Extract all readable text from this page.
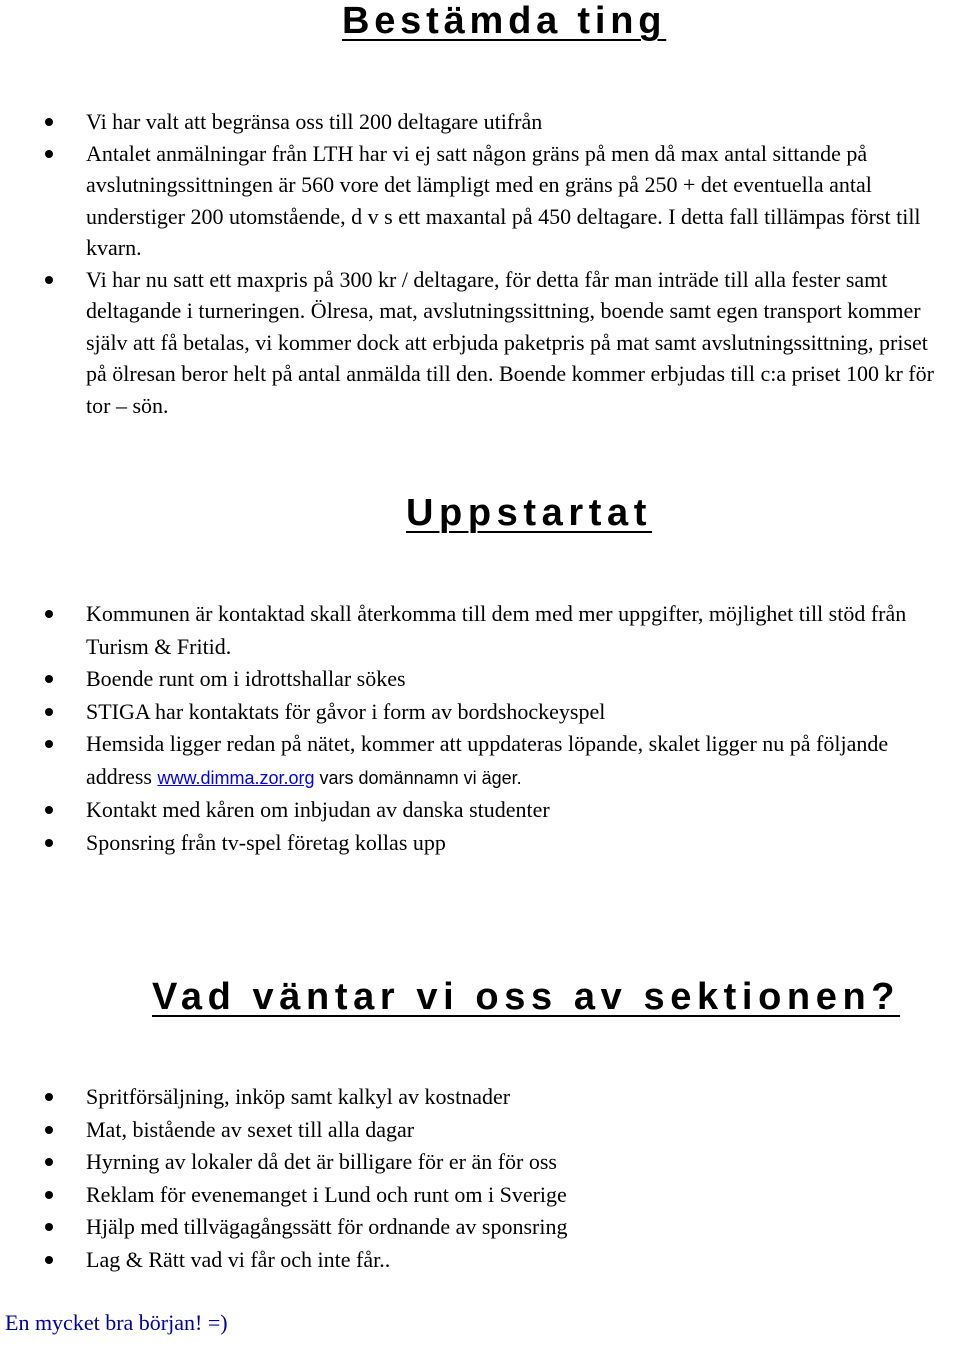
Bestämda ting
Vi har valt att begränsa oss till 200 deltagare utifrån
Antalet anmälningar från LTH har vi ej satt någon gräns på men då max antal sittande på avslutningssittningen är 560 vore det lämpligt med en gräns på 250 + det eventuella antal understiger 200 utomstående, d v s ett maxantal på 450 deltagare. I detta fall tillämpas först till kvarn.
Vi har nu satt ett maxpris på 300 kr / deltagare, för detta får man inträde till alla fester samt deltagande i turneringen. Ölresa, mat, avslutningssittning, boende samt egen transport kommer själv att få betalas, vi kommer dock att erbjuda paketpris på mat samt avslutningssittning, priset på ölresan beror helt på antal anmälda till den. Boende kommer erbjudas till c:a priset 100 kr för tor – sön.
Uppstartat
Kommunen är kontaktad skall återkomma till dem med mer uppgifter, möjlighet till stöd från Turism & Fritid.
Boende runt om i idrottshallar sökes
STIGA har kontaktats för gåvor i form av bordshockeyspel
Hemsida ligger redan på nätet, kommer att uppdateras löpande, skalet ligger nu på följande address www.dimma.zor.org vars domännamn vi äger.
Kontakt med kåren om inbjudan av danska studenter
Sponsring från tv-spel företag kollas upp
Vad väntar vi oss av sektionen?
Spritförsäljning, inköp samt kalkyl av kostnader
Mat, bistående av sexet till alla dagar
Hyrning av lokaler då det är billigare för er än för oss
Reklam för evenemanget i Lund och runt om i Sverige
Hjälp med tillvägagångssätt för ordnande av sponsring
Lag & Rätt vad vi får och inte får..

En mycket bra början! =)
